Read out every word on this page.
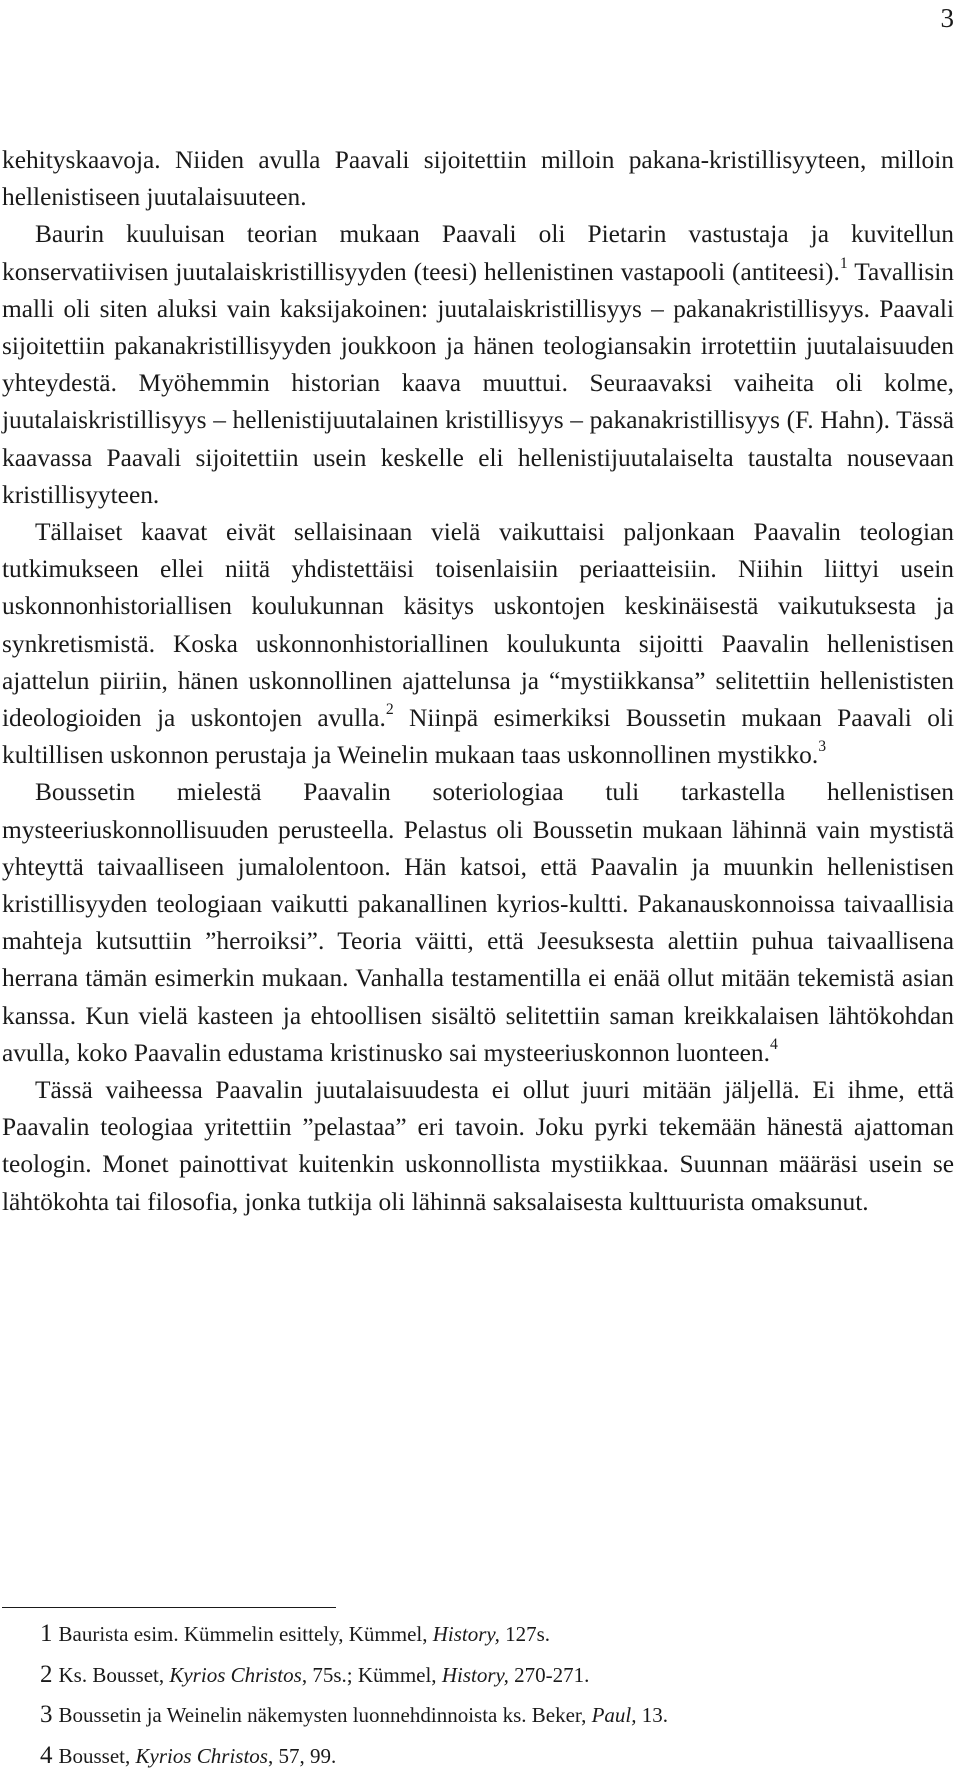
3

kehityskaavoja. Niiden avulla Paavali sijoitettiin milloin pakana-kristillisyyteen, milloin hellenistiseen juutalaisuuteen.

Baurin kuuluisan teorian mukaan Paavali oli Pietarin vastustaja ja kuvitellun konservatiivisen juutalaiskristillisyyden (teesi) hellenistinen vastapooli (antiteesi).$^1$ Tavallisin malli oli siten aluksi vain kaksijakoinen: juutalaiskristillisyys – pakanakristillisyys. Paavali sijoitettiin pakanakristillisyyden joukkoon ja hänen teologiansakin irrotettiin juutalaisuuden yhteydestä. Myöhemmin historian kaava muuttui. Seuraavaksi vaiheita oli kolme, juutalaiskristillisyys – hellenistijuutalainen kristillisyys – pakanakristillisyys (F. Hahn). Tässä kaavassa Paavali sijoitettiin usein keskelle eli hellenistijuutalaiselta taustalta nousevaan kristillisyyteen.

Tällaiset kaavat eivät sellaisinaan vielä vaikuttaisi paljonkaan Paavalin teologian tutkimukseen ellei niitä yhdistettäisi toisenlaisiin periaatteisiin. Niihin liittyi usein uskonnonhistoriallisen koulukunnan käsitys uskontojen keskinäisestä vaikutuksesta ja synkretismistä. Koska uskonnonhistoriallinen koulukunta sijoitti Paavalin hellenistisen ajattelun piiriin, hänen uskonnollinen ajattelunsa ja “mystiikkansa” selitettiin hellenististen ideologioiden ja uskontojen avulla.$^2$ Niinpä esimerkiksi Boussetin mukaan Paavali oli kultillisen uskonnon perustaja ja Weinelin mukaan taas uskonnollinen mystikko.$^3$

Boussetin mielestä Paavalin soteriologiaa tuli tarkastella hellenistisen mysteeriuskonnollisuuden perusteella. Pelastus oli Boussetin mukaan lähinnä vain mystistä yhteyttä taivaalliseen jumalolentoon. Hän katsoi, että Paavalin ja muunkin hellenistisen kristillisyyden teologiaan vaikutti pakanallinen kyrios-kultti. Pakanauskonnoissa taivaallisia mahteja kutsuttiin ”herroiksi”. Teoria väitti, että Jeesuksesta alettiin puhua taivaallisena herrana tämän esimerkin mukaan. Vanhalla testamentilla ei enää ollut mitään tekemistä asian kanssa. Kun vielä kasteen ja ehtoollisen sisältö selitettiin saman kreikkalaisen lähtökohdan avulla, koko Paavalin edustama kristinusko sai mysteeriuskonnon luonteen.$^4$

Tässä vaiheessa Paavalin juutalaisuudesta ei ollut juuri mitään jäljellä. Ei ihme, että Paavalin teologiaa yritettiin ”pelastaa” eri tavoin. Joku pyrki tekemään hänestä ajattoman teologin. Monet painottivat kuitenkin uskonnollista mystiikkaa. Suunnan määräsi usein se lähtökohta tai filosofia, jonka tutkija oli lähinnä saksalaisesta kulttuurista omaksunut.

1 Baurista esim. Kümmelin esittely, Kümmel, History, 127s.
2 Ks. Bousset, Kyrios Christos, 75s.; Kümmel, History, 270-271.
3 Boussetin ja Weinelin näkemysten luonnehdinnoista ks. Beker, Paul, 13.
4 Bousset, Kyrios Christos, 57, 99.
